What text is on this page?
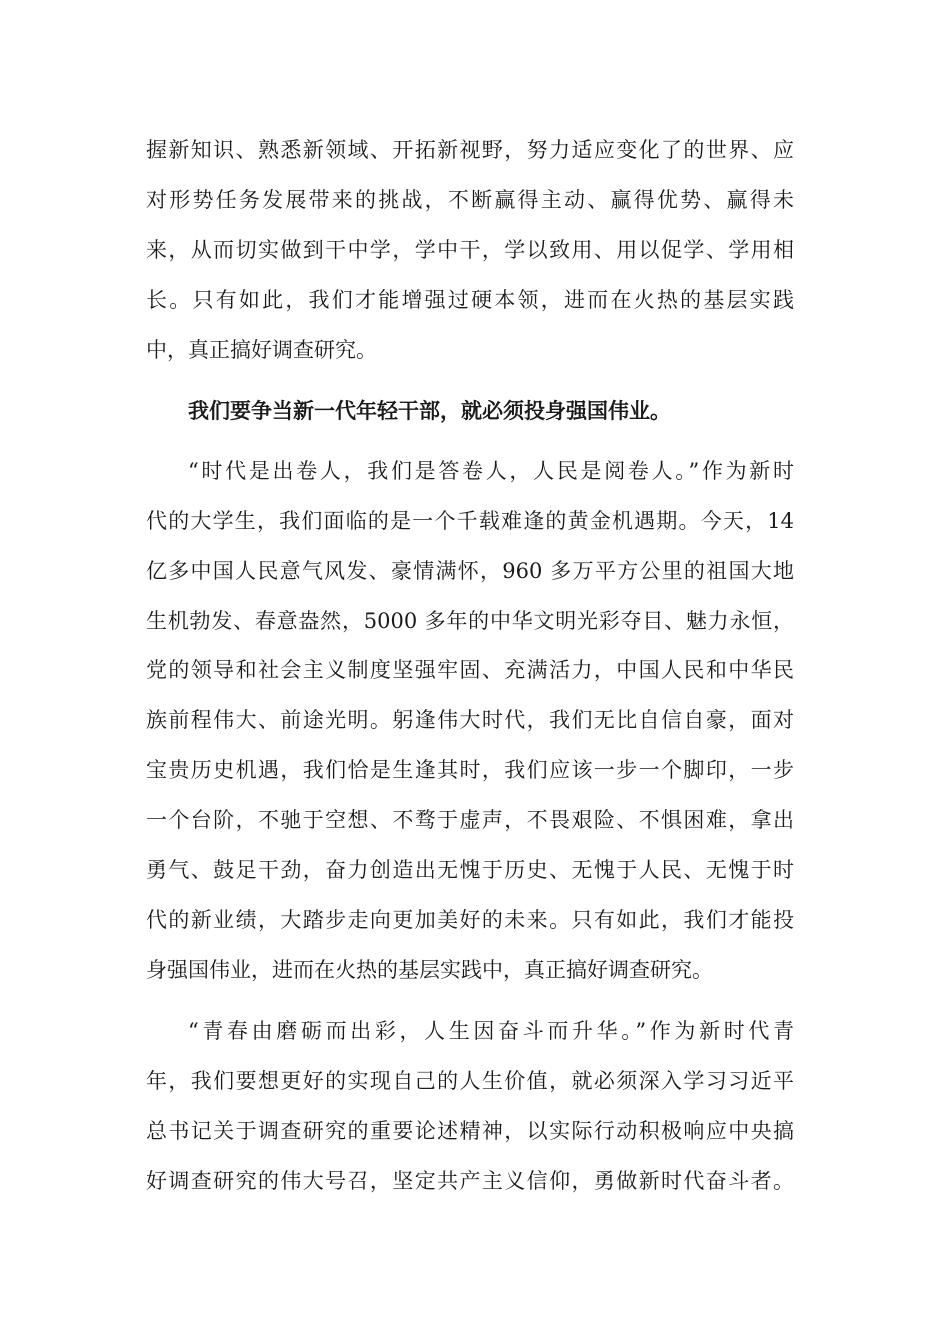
握新知识、熟悉新领域、开拓新视野，努力适应变化了的世界、应
对形势任务发展带来的挑战，不断赢得主动、赢得优势、赢得未
来，从而切实做到干中学，学中干，学以致用、用以促学、学用相
长。只有如此，我们才能增强过硬本领，进而在火热的基层实践
中，真正搞好调查研究。
我们要争当新一代年轻干部，就必须投身强国伟业。
“时代是出卷人，我们是答卷人，人民是阅卷人。”作为新时
代的大学生，我们面临的是一个千载难逢的黄金机遇期。今天，14
亿多中国人民意气风发、豪情满怀，960 多万平方公里的祖国大地
生机勃发、春意盎然，5000 多年的中华文明光彩夺目、魅力永恒，
党的领导和社会主义制度坚强牢固、充满活力，中国人民和中华民
族前程伟大、前途光明。躬逢伟大时代，我们无比自信自豪，面对
宝贵历史机遇，我们恰是生逢其时，我们应该一步一个脚印，一步
一个台阶，不驰于空想、不骛于虚声，不畏艰险、不惧困难，拿出
勇气、鼓足干劲，奋力创造出无愧于历史、无愧于人民、无愧于时
代的新业绩，大踏步走向更加美好的未来。只有如此，我们才能投
身强国伟业，进而在火热的基层实践中，真正搞好调查研究。
“青春由磨砺而出彩，人生因奋斗而升华。”作为新时代青
年，我们要想更好的实现自己的人生价值，就必须深入学习习近平
总书记关于调查研究的重要论述精神，以实际行动积极响应中央搞
好调查研究的伟大号召，坚定共产主义信仰，勇做新时代奋斗者。
